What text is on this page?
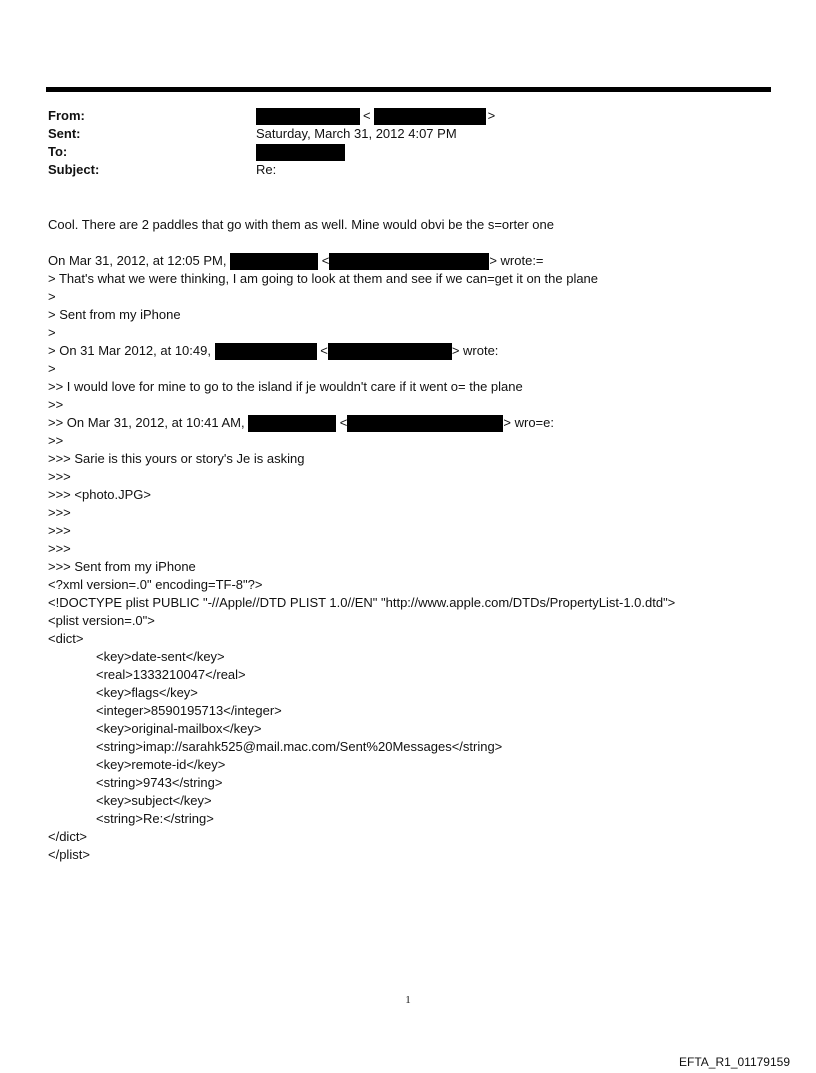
From:	<	>
Sent:	Saturday, March 31, 2012 4:07 PM
To:
Subject:	Re:
Cool. There are 2 paddles that go with them as well. Mine would obvi be the s=orter one
On Mar 31, 2012, at 12:05 PM,	<	> wrote:=
> That's what we were thinking, I am going to look at them and see if we can=get it on the plane
>
> Sent from my iPhone
>
> On 31 Mar 2012, at 10:49,	<	> wrote:
>
>> I would love for mine to go to the island if je wouldn't care if it went o= the plane
>>
>> On Mar 31, 2012, at 10:41 AM,	<	> wro=e:
>>
>>> Sarie is this yours or story's Je is asking
>>>
>>> <photo.JPG>
>>>
>>>
>>>
>>> Sent from my iPhone
<?xml version=.0" encoding=TF-8"?>
<!DOCTYPE plist PUBLIC "-//Apple//DTD PLIST 1.0//EN" "http://www.apple.com/DTDs/PropertyList-1.0.dtd">
<plist version=.0">
<dict>
<key>date-sent</key>
<real>1333210047</real>
<key>flags</key>
<integer>8590195713</integer>
<key>original-mailbox</key>
<string>imap://sarahk525@mail.mac.com/Sent%20Messages</string>
<key>remote-id</key>
<string>9743</string>
<key>subject</key>
<string>Re:</string>
</dict>
</plist>
1
EFTA_R1_01179159
